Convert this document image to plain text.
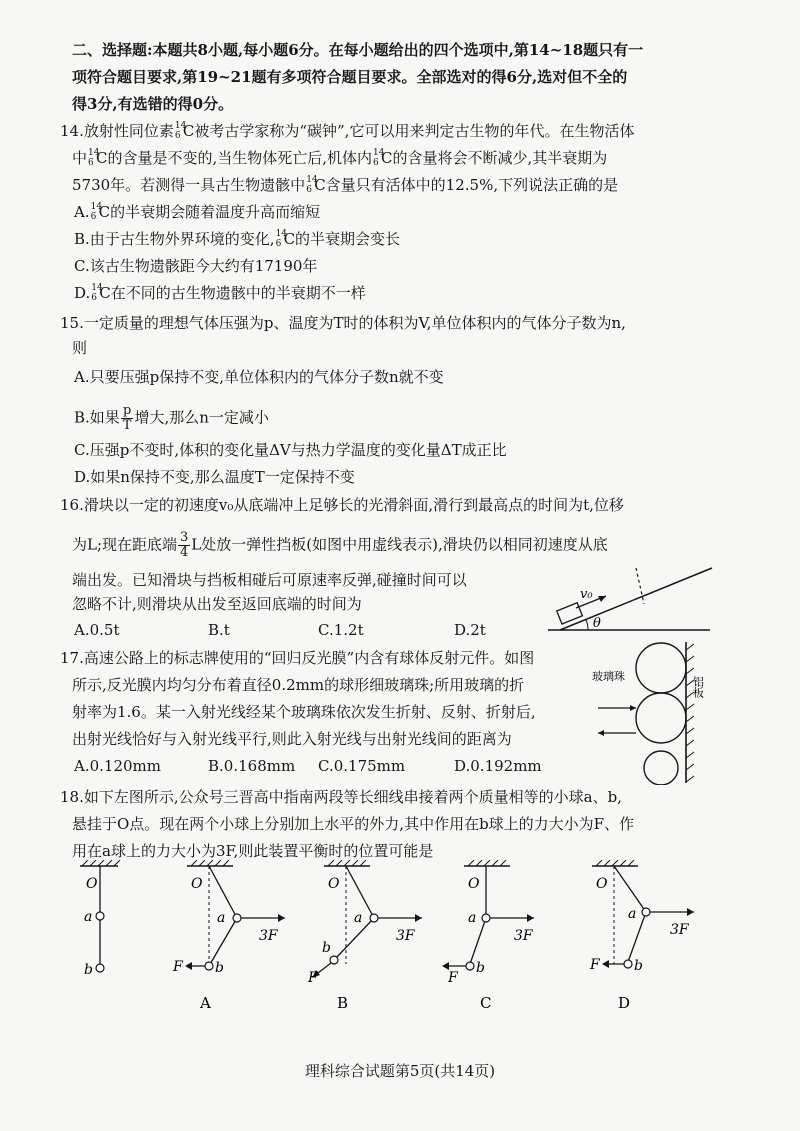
二、选择题:本题共8小题,每小题6分。在每小题给出的四个选项中,第14~18题只有一
项符合题目要求,第19~21题有多项符合题目要求。全部选对的得6分,选对但不全的
得3分,有选错的得0分。
14.放射性同位素 14
6 C被考古学家称为“碳钟”,它可以用来判定古生物的年代。在生物活体
中 14
6 C的含量是不变的,当生物体死亡后,机体内 14
6 C的含量将会不断减少,其半衰期为
5730年。若测得一具古生物遗骸中 14
6 C含量只有活体中的12.5%,下列说法正确的是
A. 14
6 C的半衰期会随着温度升高而缩短
B.由于古生物外界环境的变化, 14
6 C的半衰期会变长
C.该古生物遗骸距今大约有17190年
D. 14
6 C在不同的古生物遗骸中的半衰期不一样
15.一定质量的理想气体压强为p、温度为T时的体积为V,单位体积内的气体分子数为n,
则
A.只要压强p保持不变,单位体积内的气体分子数n就不变
B.如果 $\frac{p}{T}$ 增大,那么n一定减小
C.压强p不变时,体积的变化量ΔV与热力学温度的变化量ΔT成正比
D.如果n保持不变,那么温度T一定保持不变
16.滑块以一定的初速度v₀从底端冲上足够长的光滑斜面,滑行到最高点的时间为t,位移
为L;现在距底端 $\frac{3}{4}$ L处放一弹性挡板(如图中用虚线表示),滑块仍以相同初速度从底
端出发。已知滑块与挡板相碰后可原速率反弹,碰撞时间可以
忽略不计,则滑块从出发至返回底端的时间为
A.0.5t	B.t	C.1.2t	D.2t
v₀
θ
17.高速公路上的标志牌使用的“回归反光膜”内含有球体反射元件。如图
所示,反光膜内均匀分布着直径0.2mm的球形细玻璃珠;所用玻璃的折
射率为1.6。某一入射光线经某个玻璃珠依次发生折射、反射、折射后,
出射光线恰好与入射光线平行,则此入射光线与出射光线间的距离为
A.0.120mm	B.0.168mm C.0.175mm	D.0.192mm
玻璃珠	铝板
18.如下左图所示,公众号三晋高中指南两段等长细线串接着两个质量相等的小球a、b,
悬挂于O点。现在两个小球上分别加上水平的外力,其中作用在b球上的力大小为F、作
用在a球上的力大小为3F,则此装置平衡时的位置可能是
O
a
b
O
a
b
F
3F
A
O
a
b
F
3F
B
O
a
b
F
3F
C
O
a
b
F
3F
D
理科综合试题第5页(共14页)
